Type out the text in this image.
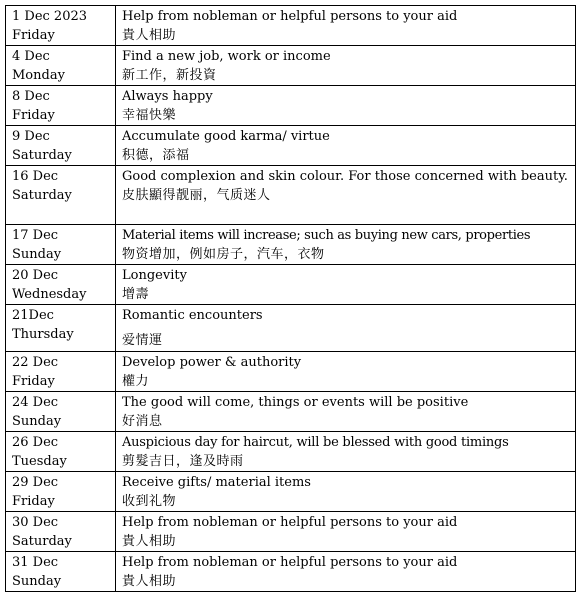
1 Dec 2023
Friday	Help from nobleman or helpful persons to your aid
貴人相助

4 Dec
Monday	Find a new job, work or income
新工作，新投資

8 Dec
Friday	Always happy
幸福快樂

9 Dec
Saturday	Accumulate good karma/ virtue
积德，添福

16 Dec
Saturday	Good complexion and skin colour. For those concerned with beauty.
皮肤顯得靓丽，气质迷人

17 Dec
Sunday	Material items will increase; such as buying new cars, properties
物资增加，例如房子，汽车，衣物

20 Dec
Wednesday	Longevity
增壽

21Dec
Thursday	Romantic encounters
爱情運

22 Dec
Friday	Develop power & authority
權力

24 Dec
Sunday	The good will come, things or events will be positive
好消息

26 Dec
Tuesday	Auspicious day for haircut, will be blessed with good timings
剪髮吉日，逢及時雨

29 Dec
Friday	Receive gifts/ material items
收到礼物

30 Dec
Saturday	Help from nobleman or helpful persons to your aid
貴人相助

31 Dec
Sunday	Help from nobleman or helpful persons to your aid
貴人相助
